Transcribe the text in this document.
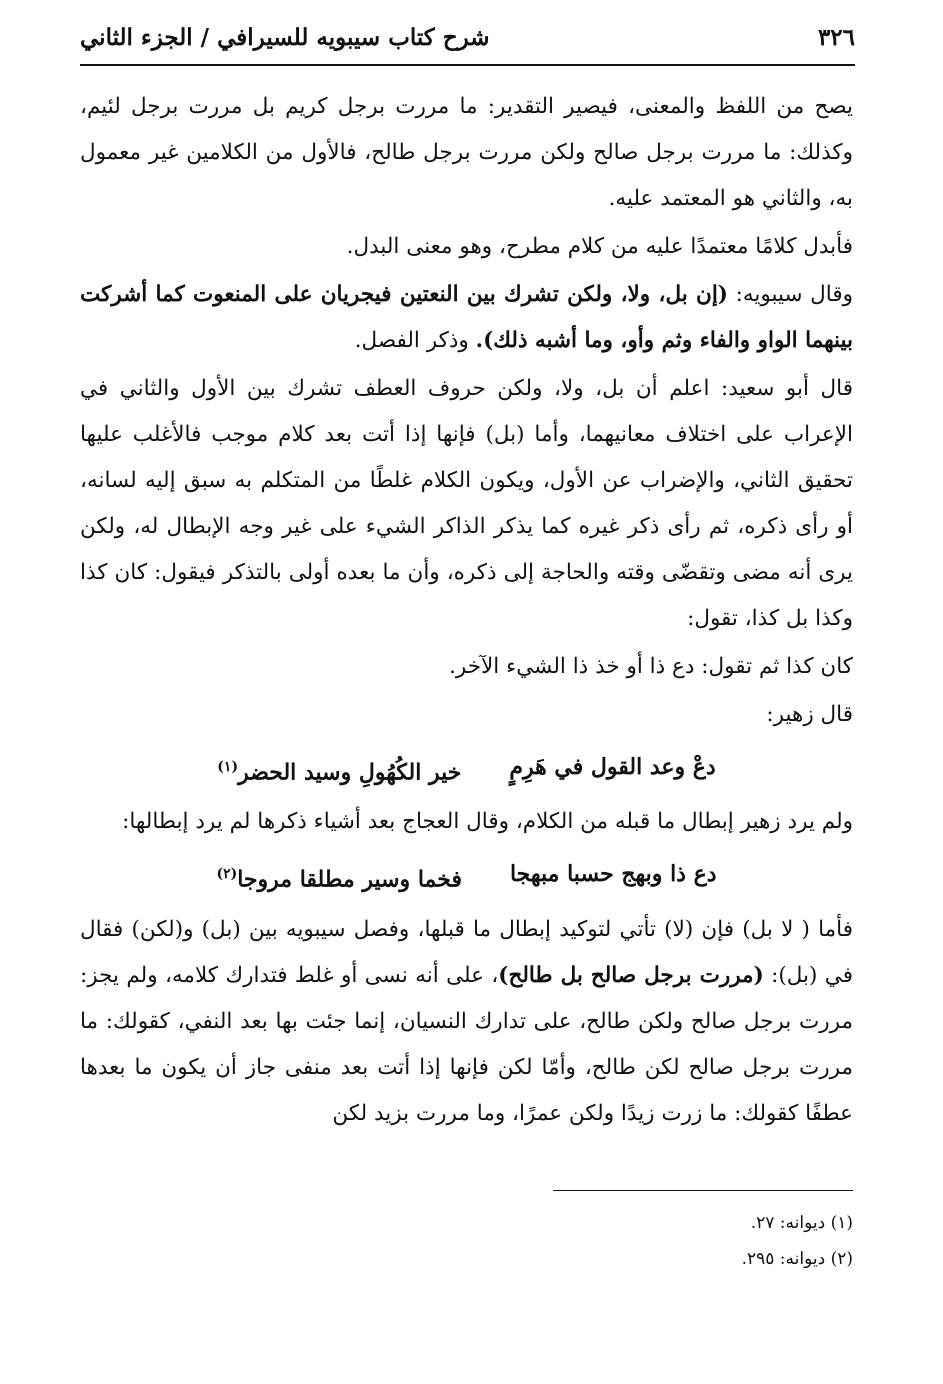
٣٢٦
شرح كتاب سيبويه للسيرافي / الجزء الثاني

يصح من اللفظ والمعنى، فيصير التقدير: ما مررت برجل كريم بل مررت برجل لئيم، وكذلك: ما مررت برجل صالح ولكن مررت برجل طالح، فالأول من الكلامين غير معمول به، والثاني هو المعتمد عليه.

فأبدل كلامًا معتمدًا عليه من كلام مطرح، وهو معنى البدل.

وقال سيبويه: (إن بل، ولا، ولكن تشرك بين النعتين فيجريان على المنعوت كما أشركت بينهما الواو والفاء وثم وأو، وما أشبه ذلك). وذكر الفصل.

قال أبو سعيد: اعلم أن بل، ولا، ولكن حروف العطف تشرك بين الأول والثاني في الإعراب على اختلاف معانيهما، وأما (بل) فإنها إذا أتت بعد كلام موجب فالأغلب عليها تحقيق الثاني، والإضراب عن الأول، ويكون الكلام غلطًا من المتكلم به سبق إليه لسانه، أو رأى ذكره، ثم رأى ذكر غيره كما يذكر الذاكر الشيء على غير وجه الإبطال له، ولكن يرى أنه مضى وتقضّى وقته والحاجة إلى ذكره، وأن ما بعده أولى بالتذكر فيقول: كان كذا وكذا بل كذا، تقول:

كان كذا ثم تقول: دع ذا أو خذ ذا الشيء الآخر.

قال زهير:

دعْ وعد القول في هَرِمٍ
خير الكُهُولِ وسيد الحضر$^{(١)}$

ولم يرد زهير إبطال ما قبله من الكلام، وقال العجاج بعد أشياء ذكرها لم يرد إبطالها:

دع ذا وبهج حسبا مبهجا
فخما وسير مطلقا مروجا$^{(٢)}$

فأما ( لا بل) فإن (لا) تأتي لتوكيد إبطال ما قبلها، وفصل سيبويه بين (بل) و(لكن) فقال في (بل): (مررت برجل صالح بل طالح)، على أنه نسى أو غلط فتدارك كلامه، ولم يجز: مررت برجل صالح ولكن طالح، على تدارك النسيان، إنما جئت بها بعد النفي، كقولك: ما مررت برجل صالح لكن طالح، وأمّا لكن فإنها إذا أتت بعد منفى جاز أن يكون ما بعدها عطفًا كقولك: ما زرت زيدًا ولكن عمرًا، وما مررت بزيد لكن

(١) ديوانه: ٢٧.
(٢) ديوانه: ٢٩٥.
